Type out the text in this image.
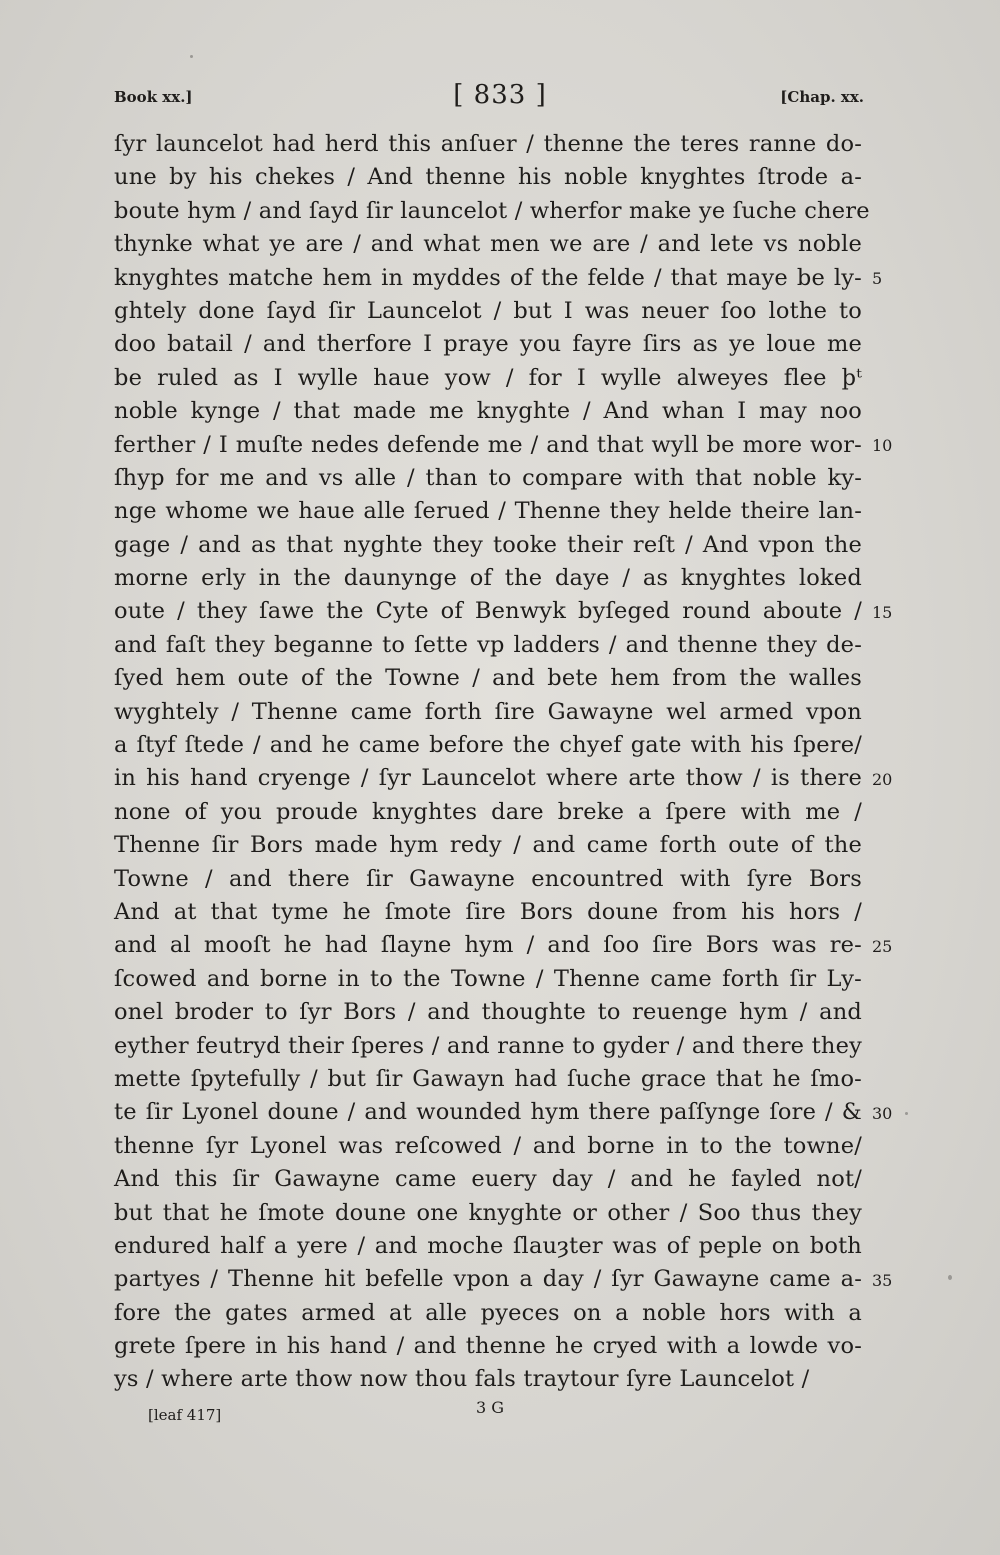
Book xx.]	[ 833 ]	[Chap. xx.
ſyr launcelot had herd this anſuer / thenne the teres ranne do-
une by his chekes / And thenne his noble knyghtes ſtrode a-
boute hym / and ſayd ſir launcelot / wherfor make ye ſuche chere
thynke what ye are / and what men we are / and lete vs noble
knyghtes matche hem in myddes of the felde / that maye be ly-
ghtely done ſayd ſir Launcelot / but I was neuer ſoo lothe to
doo batail / and therfore I praye you fayre ſirs as ye loue me
be ruled as I wylle haue yow / for I wylle alweyes flee þᵗ
noble kynge / that made me knyghte / And whan I may noo
ferther / I muſte nedes defende me / and that wyll be more wor-
ſhyp for me and vs alle / than to compare with that noble ky-
nge whome we haue alle ſerued / Thenne they helde theire lan-
gage / and as that nyghte they tooke their reſt / And vpon the
morne erly in the daunynge of the daye / as knyghtes loked
oute / they ſawe the Cyte of Benwyk byſeged round aboute /
and faſt they beganne to ſette vp ladders / and thenne they de-
ſyed hem oute of the Towne / and bete hem from the walles
wyghtely / Thenne came forth ſire Gawayne wel armed vpon
a ſtyf ſtede / and he came before the chyef gate with his ſpere/
in his hand cryenge / ſyr Launcelot where arte thow / is there
none of you proude knyghtes dare breke a ſpere with me /
Thenne ſir Bors made hym redy / and came forth oute of the
Towne / and there ſir Gawayne encountred with ſyre Bors
And at that tyme he ſmote ſire Bors doune from his hors /
and al mooſt he had ſlayne hym / and ſoo ſire Bors was re-
ſcowed and borne in to the Towne / Thenne came forth ſir Ly-
onel broder to ſyr Bors / and thoughte to reuenge hym / and
eyther feutryd their ſperes / and ranne to gyder / and there they
mette ſpytefully / but ſir Gawayn had ſuche grace that he ſmo-
te ſir Lyonel doune / and wounded hym there paſſynge ſore / &
thenne ſyr Lyonel was reſcowed / and borne in to the towne/
And this ſir Gawayne came euery day / and he fayled not/
but that he ſmote doune one knyghte or other / Soo thus they
endured half a yere / and moche ſlauȝter was of peple on both
partyes / Thenne hit befelle vpon a day / ſyr Gawayne came a-
fore the gates armed at alle pyeces on a noble hors with a
grete ſpere in his hand / and thenne he cryed with a lowde vo-
ys / where arte thow now thou fals traytour ſyre Launcelot /
5
10
15
20
25
30
35
[leaf 417]	3 G
